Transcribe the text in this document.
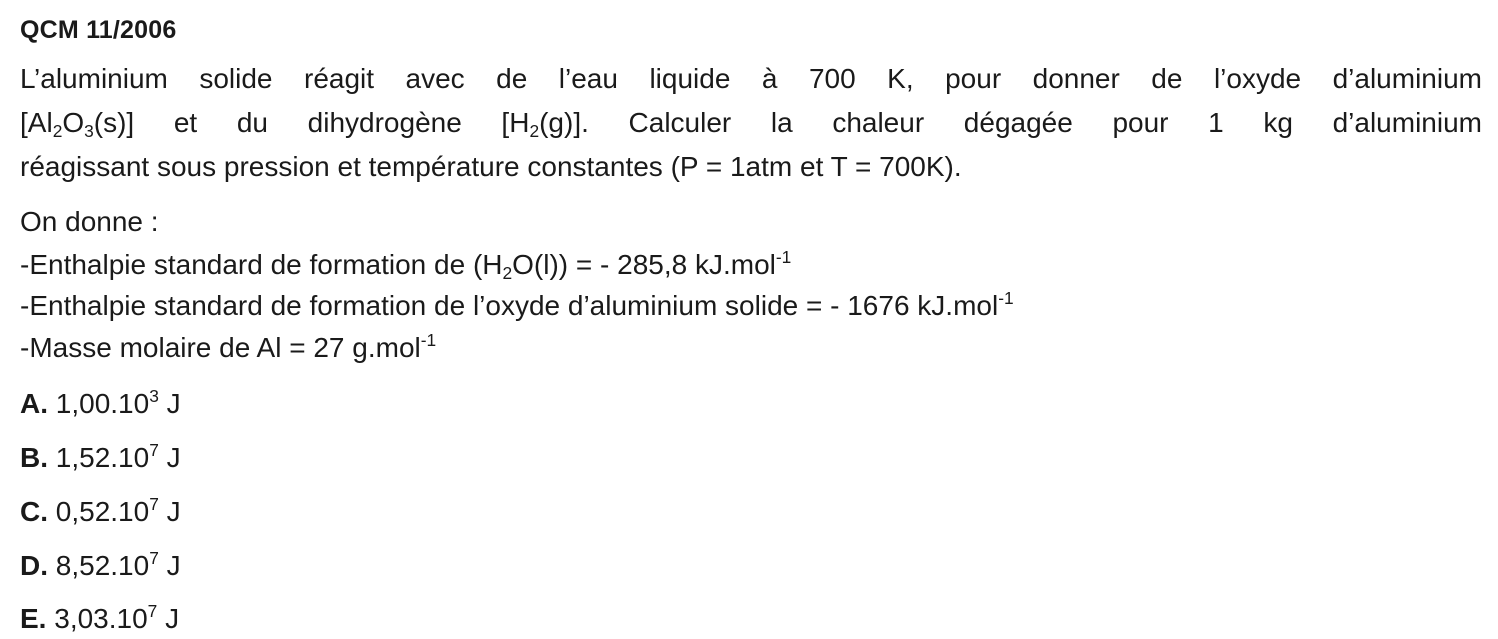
QCM 11/2006
L’aluminium solide réagit avec de l’eau liquide à 700 K, pour donner de l’oxyde d’aluminium
$[Al_2O_3(s)]$ et du dihydrogène $[H_2(g)]$. Calculer la chaleur dégagée pour 1 kg d’aluminium
réagissant sous pression et température constantes (P = 1atm et T = 700K).
On donne :
-Enthalpie standard de formation de $(H_2O(l))$ = - 285,8 kJ.mol$^{-1}$
-Enthalpie standard de formation de l’oxyde d’aluminium solide = - 1676 kJ.mol$^{-1}$
-Masse molaire de Al = 27 g.mol$^{-1}$
A. 1,00.10$^3$ J
B. 1,52.10$^7$ J
C. 0,52.10$^7$ J
D. 8,52.10$^7$ J
E. 3,03.10$^7$ J
